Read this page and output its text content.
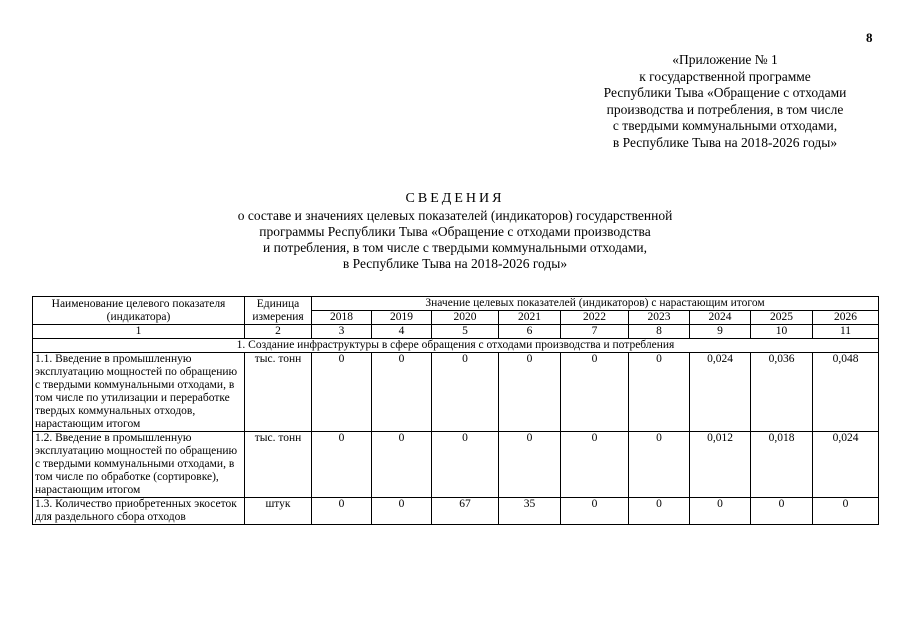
8
«Приложение № 1
к государственной программе
Республики Тыва «Обращение с отходами
производства и потребления, в том числе
с твердыми коммунальными отходами,
в Республике Тыва на 2018-2026 годы»
СВЕДЕНИЯ
о составе и значениях целевых показателей (индикаторов) государственной
программы Республики Тыва «Обращение с отходами производства
и потребления, в том числе с твердыми коммунальными отходами,
в Республике Тыва на 2018-2026 годы»
Наименование целевого показателя (индикатора)	Единица измерения	Значение целевых показателей (индикаторов) с нарастающим итогом								
		2018	2019	2020	2021	2022	2023	2024	2025	2026
1	2	3	4	5	6	7	8	9	10	11
1. Создание инфраструктуры в сфере обращения с отходами производства и потребления										
1.1. Введение в промышленную эксплуатацию мощностей по обращению с твердыми коммунальными отходами, в том числе по утилизации и переработке твердых коммунальных отходов, нарастающим итогом	тыс. тонн	0	0	0	0	0	0	0,024	0,036	0,048
1.2. Введение в промышленную эксплуатацию мощностей по обращению с твердыми коммунальными отходами, в том числе по обработке (сортировке), нарастающим итогом	тыс. тонн	0	0	0	0	0	0	0,012	0,018	0,024
1.3. Количество приобретенных экосеток для раздельного сбора отходов	штук	0	0	67	35	0	0	0	0	0
